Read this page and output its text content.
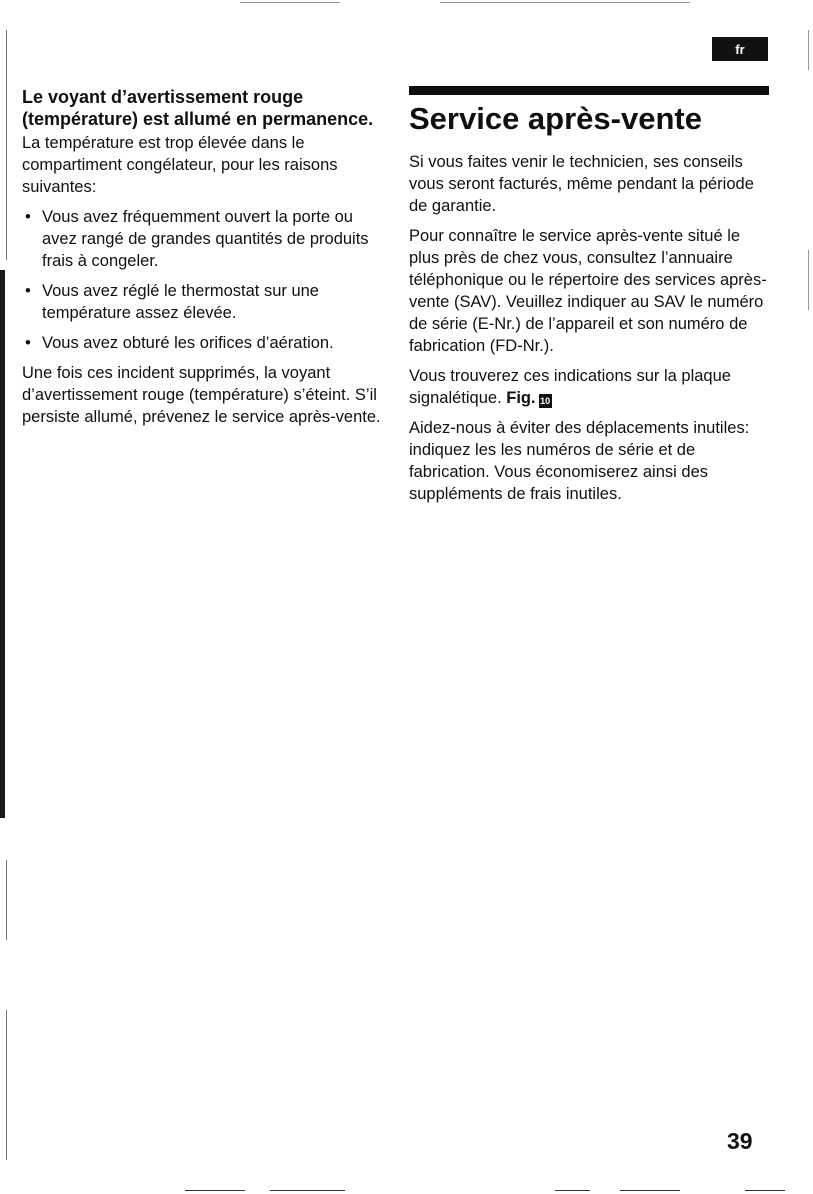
fr
Le voyant d’avertissement rouge (température) est allumé en permanence.

La température est trop élevée dans le compartiment congélateur, pour les raisons suivantes:

• Vous avez fréquemment ouvert la porte ou avez rangé de grandes quantités de produits frais à congeler.
• Vous avez réglé le thermostat sur une température assez élevée.
• Vous avez obturé les orifices d’aération.

Une fois ces incident supprimés, la voyant d’avertissement rouge (température) s’éteint. S’il persiste allumé, prévenez le service après-vente.

Service après-vente

Si vous faites venir le technicien, ses conseils vous seront facturés, même pendant la période de garantie.

Pour connaître le service après-vente situé le plus près de chez vous, consultez l’annuaire téléphonique ou le répertoire des services après-vente (SAV). Veuillez indiquer au SAV le numéro de série (E-Nr.) de l’appareil et son numéro de fabrication (FD-Nr.).

Vous trouverez ces indications sur la plaque signalétique. Fig. 10

Aidez-nous à éviter des déplacements inutiles: indiquez les les numéros de série et de fabrication. Vous économiserez ainsi des suppléments de frais inutiles.

39
